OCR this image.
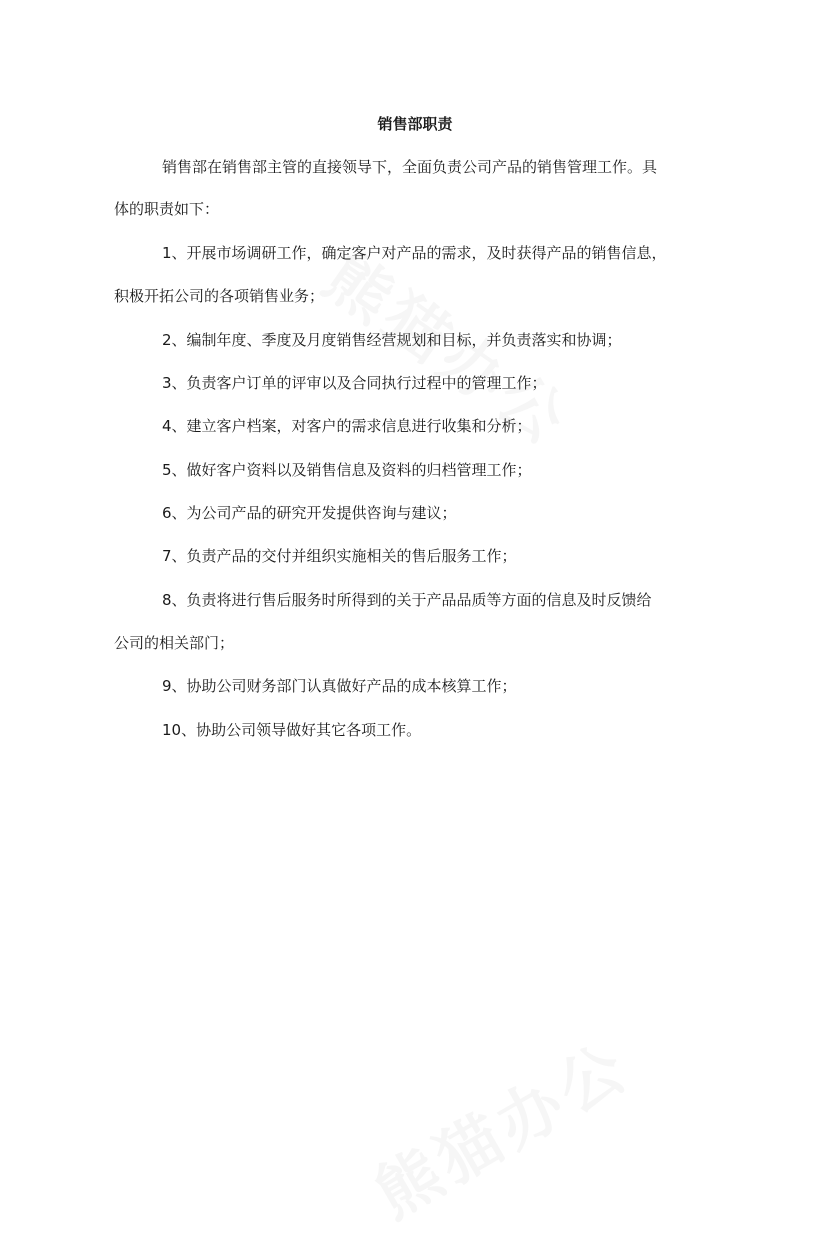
销售部职责
销售部在销售部主管的直接领导下，全面负责公司产品的销售管理工作。具
体的职责如下：
1、开展市场调研工作，确定客户对产品的需求，及时获得产品的销售信息，
积极开拓公司的各项销售业务；
2、编制年度、季度及月度销售经营规划和目标，并负责落实和协调；
3、负责客户订单的评审以及合同执行过程中的管理工作；
4、建立客户档案，对客户的需求信息进行收集和分析；
5、做好客户资料以及销售信息及资料的归档管理工作；
6、为公司产品的研究开发提供咨询与建议；
7、负责产品的交付并组织实施相关的售后服务工作；
8、负责将进行售后服务时所得到的关于产品品质等方面的信息及时反馈给
公司的相关部门；
9、协助公司财务部门认真做好产品的成本核算工作；
10、协助公司领导做好其它各项工作。
